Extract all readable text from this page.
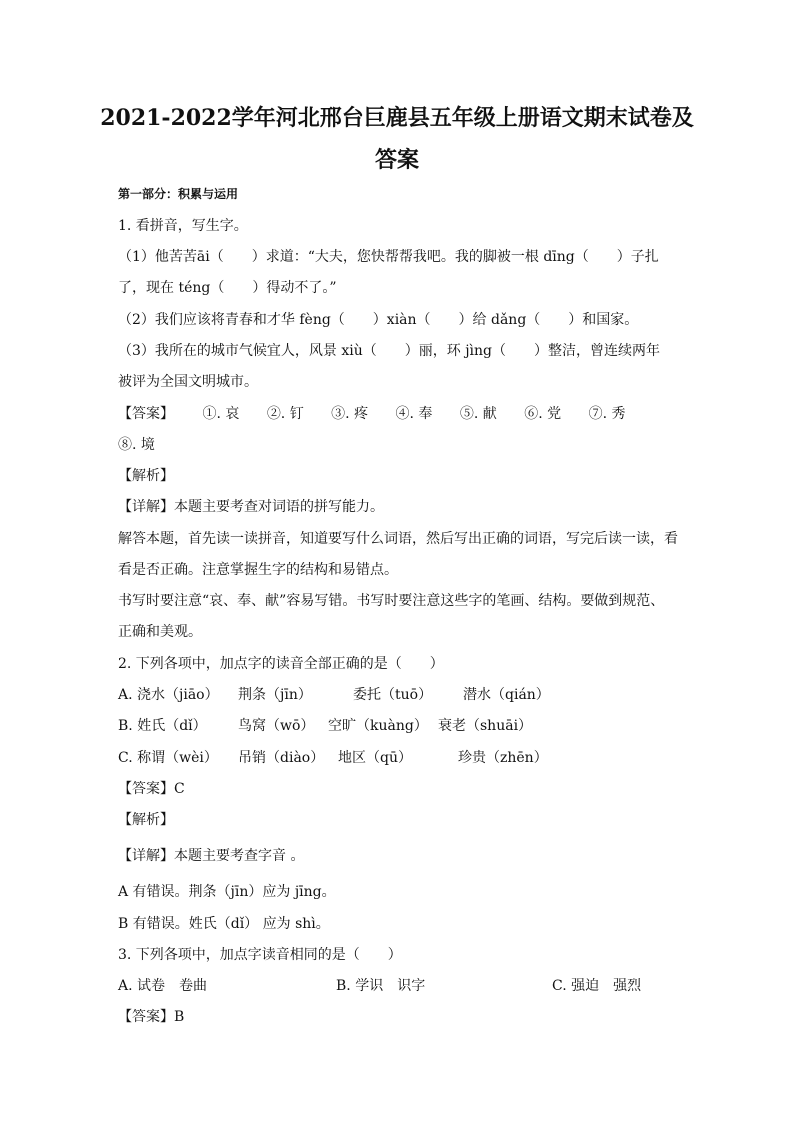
2021-2022学年河北邢台巨鹿县五年级上册语文期末试卷及
答案
第一部分：积累与运用
1. 看拼音，写生字。
（1）他苦苦āi（　　）求道：“大夫，您快帮帮我吧。我的脚被一根 dīng（　　）子扎
了，现在 téng（　　）得动不了。”
（2）我们应该将青春和才华 fèng（　　）xiàn（　　）给 dǎng（　　）和国家。
（3）我所在的城市气候宜人，风景 xiù（　　）丽，环 jìng（　　）整洁，曾连续两年
被评为全国文明城市。
【答案】 ①. 哀 ②. 钉 ③. 疼 ④. 奉 ⑤. 献 ⑥. 党 ⑦. 秀
⑧. 境
【解析】
【详解】本题主要考查对词语的拼写能力。
解答本题，首先读一读拼音，知道要写什么词语，然后写出正确的词语，写完后读一读，看
看是否正确。注意掌握生字的结构和易错点。
书写时要注意“哀、奉、献”容易写错。书写时要注意这些字的笔画、结构。要做到规范、
正确和美观。
2. 下列各项中，加点字的读音全部正确的是（　　）
A. 浇水（jiāo） 荆条（jīn）	委托（tuō） 潜水（qián）
B. 姓氏（dǐ） 鸟窝（wō） 空旷（kuàng） 衰老（shuāi）
C. 称谓（wèi） 吊销（diào） 地区（qū）	珍贵（zhēn）
【答案】C
【解析】
【详解】本题主要考查字音 。
A 有错误。荆条（jīn）应为 jīng。
B 有错误。姓氏（dǐ） 应为 shì。
3. 下列各项中，加点字读音相同的是（　　）
A. 试卷　卷曲	B. 学识　识字	C. 强迫　强烈
【答案】B
